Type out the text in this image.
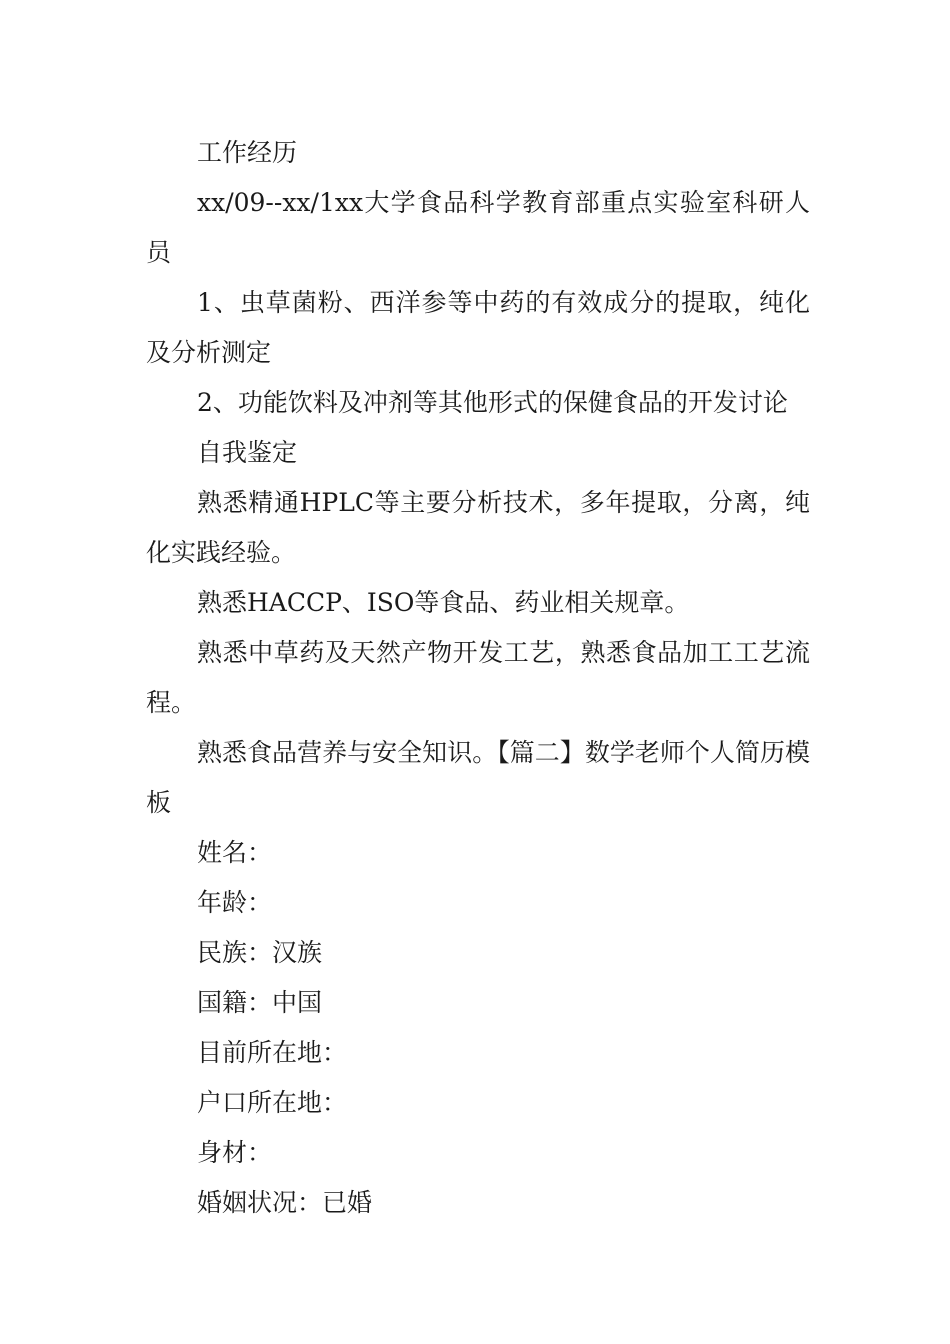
工作经历

xx/09--xx/1xx大学食品科学教育部重点实验室科研人员

1、虫草菌粉、西洋参等中药的有效成分的提取，纯化及分析测定

2、功能饮料及冲剂等其他形式的保健食品的开发讨论

自我鉴定

熟悉精通HPLC等主要分析技术，多年提取，分离，纯化实践经验。

熟悉HACCP、ISO等食品、药业相关规章。

熟悉中草药及天然产物开发工艺，熟悉食品加工工艺流程。

熟悉食品营养与安全知识。【篇二】数学老师个人简历模板

姓名：

年龄：

民族：汉族

国籍：中国

目前所在地：

户口所在地：

身材：

婚姻状况：已婚
